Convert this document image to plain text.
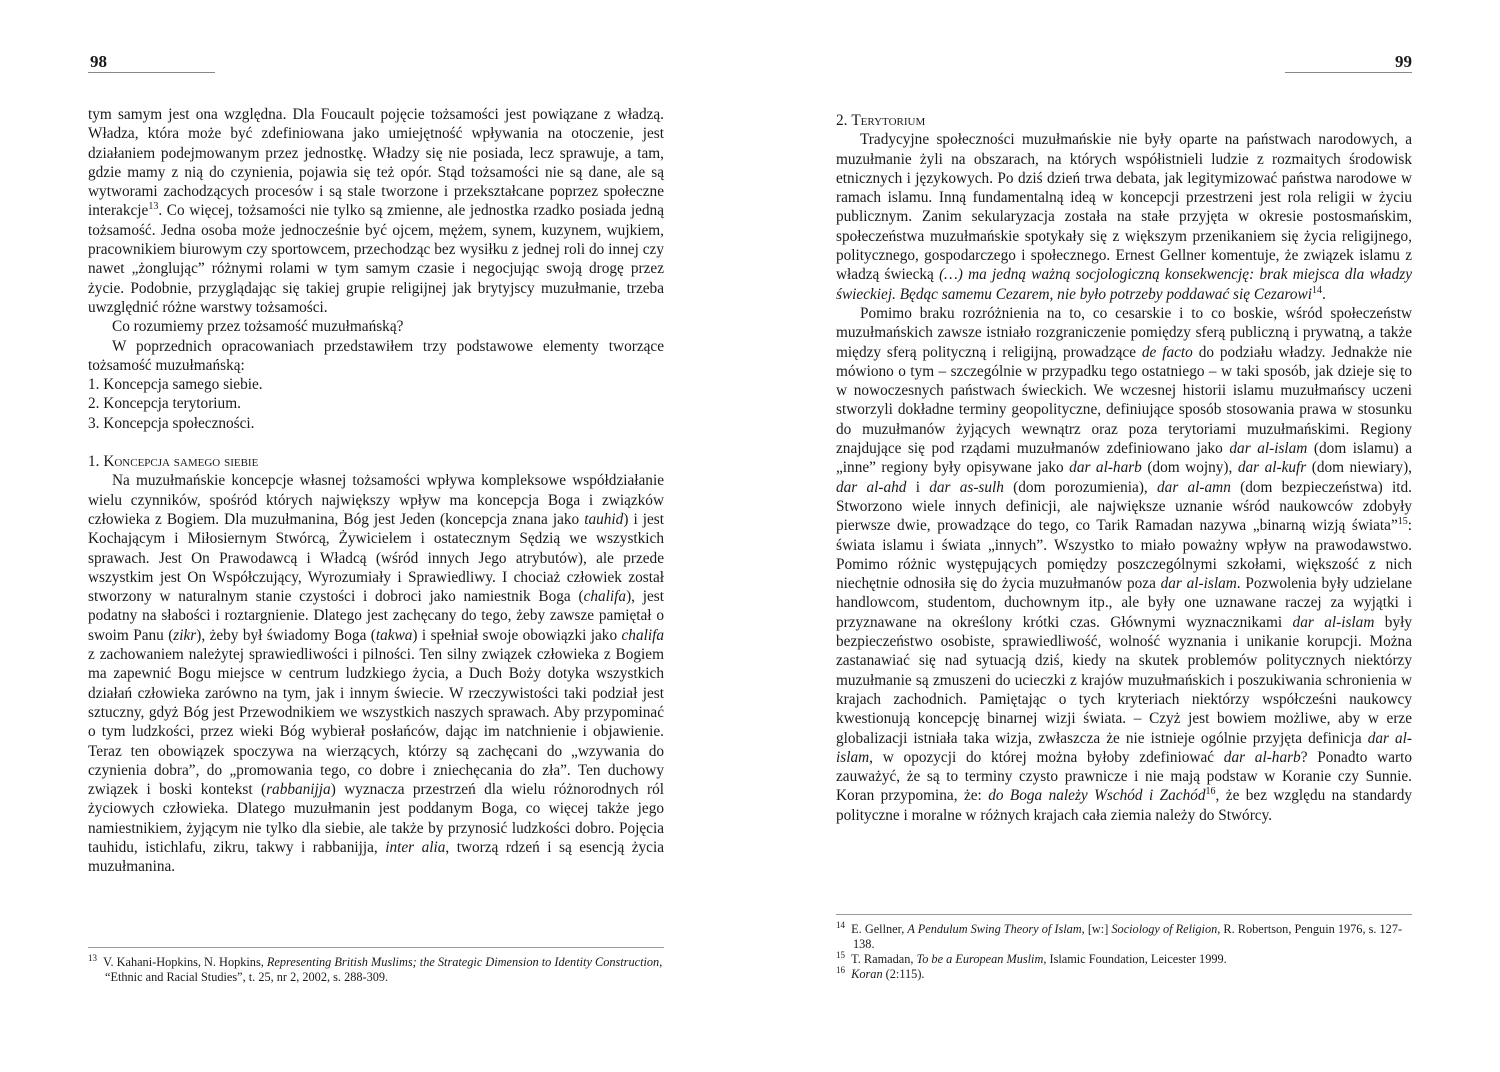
98

tym samym jest ona względna. Dla Foucault pojęcie tożsamości jest powiązane z władzą. Władza, która może być zdefiniowana jako umiejętność wpływania na otoczenie, jest działaniem podejmowanym przez jednostkę. Władzy się nie posiada, lecz sprawuje, a tam, gdzie mamy z nią do czynienia, pojawia się też opór. Stąd tożsamości nie są dane, ale są wytworami zachodzących procesów i są stale tworzone i przekształcane poprzez społeczne interakcje$^{13}$. Co więcej, tożsamości nie tylko są zmienne, ale jednostka rzadko posiada jedną tożsamość. Jedna osoba może jednocześnie być ojcem, mężem, synem, kuzynem, wujkiem, pracownikiem biurowym czy sportowcem, przechodząc bez wysiłku z jednej roli do innej czy nawet „żonglując” różnymi rolami w tym samym czasie i negocjując swoją drogę przez życie. Podobnie, przyglądając się takiej grupie religijnej jak brytyjscy muzułmanie, trzeba uwzględnić różne warstwy tożsamości.

Co rozumiemy przez tożsamość muzułmańską?

W poprzednich opracowaniach przedstawiłem trzy podstawowe elementy tworzące tożsamość muzułmańską:

1. Koncepcja samego siebie.

2. Koncepcja terytorium.

3. Koncepcja społeczności.

1. Koncepcja samego siebie

Na muzułmańskie koncepcje własnej tożsamości wpływa kompleksowe współdziałanie wielu czynników, spośród których największy wpływ ma koncepcja Boga i związków człowieka z Bogiem. Dla muzułmanina, Bóg jest Jeden (koncepcja znana jako tauhid) i jest Kochającym i Miłosiernym Stwórcą, Żywicielem i ostatecznym Sędzią we wszystkich sprawach. Jest On Prawodawcą i Władcą (wśród innych Jego atrybutów), ale przede wszystkim jest On Współczujący, Wyrozumiały i Sprawiedliwy. I chociaż człowiek został stworzony w naturalnym stanie czystości i dobroci jako namiestnik Boga (chalifa), jest podatny na słabości i roztargnienie. Dlatego jest zachęcany do tego, żeby zawsze pamiętał o swoim Panu (zikr), żeby był świadomy Boga (takwa) i spełniał swoje obowiązki jako chalifa z zachowaniem należytej sprawiedliwości i pilności. Ten silny związek człowieka z Bogiem ma zapewnić Bogu miejsce w centrum ludzkiego życia, a Duch Boży dotyka wszystkich działań człowieka zarówno na tym, jak i innym świecie. W rzeczywistości taki podział jest sztuczny, gdyż Bóg jest Przewodnikiem we wszystkich naszych sprawach. Aby przypominać o tym ludzkości, przez wieki Bóg wybierał posłańców, dając im natchnienie i objawienie. Teraz ten obowiązek spoczywa na wierzących, którzy są zachęcani do „wzywania do czynienia dobra”, do „promowania tego, co dobre i zniechęcania do zła”. Ten duchowy związek i boski kontekst (rabbanijja) wyznacza przestrzeń dla wielu różnorodnych ról życiowych człowieka. Dlatego muzułmanin jest poddanym Boga, co więcej także jego namiestnikiem, żyjącym nie tylko dla siebie, ale także by przynosić ludzkości dobro. Pojęcia tauhidu, istichlafu, zikru, takwy i rabbanijja, inter alia, tworzą rdzeń i są esencją życia muzułmanina.

$^{13}$ V. Kahani-Hopkins, N. Hopkins, Representing British Muslims; the Strategic Dimension to Identity Construction, “Ethnic and Racial Studies”, t. 25, nr 2, 2002, s. 288-309.

99

2. Terytorium

Tradycyjne społeczności muzułmańskie nie były oparte na państwach narodowych, a muzułmanie żyli na obszarach, na których współistnieli ludzie z rozmaitych środowisk etnicznych i językowych. Po dziś dzień trwa debata, jak legitymizować państwa narodowe w ramach islamu. Inną fundamentalną ideą w koncepcji przestrzeni jest rola religii w życiu publicznym. Zanim sekularyzacja została na stałe przyjęta w okresie postosmańskim, społeczeństwa muzułmańskie spotykały się z większym przenikaniem się życia religijnego, politycznego, gospodarczego i społecznego. Ernest Gellner komentuje, że związek islamu z władzą świecką (…) ma jedną ważną socjologiczną konsekwencję: brak miejsca dla władzy świeckiej. Będąc samemu Cezarem, nie było potrzeby poddawać się Cezarowi$^{14}$.

Pomimo braku rozróżnienia na to, co cesarskie i to co boskie, wśród społeczeństw muzułmańskich zawsze istniało rozgraniczenie pomiędzy sferą publiczną i prywatną, a także między sferą polityczną i religijną, prowadzące de facto do podziału władzy. Jednakże nie mówiono o tym – szczególnie w przypadku tego ostatniego – w taki sposób, jak dzieje się to w nowoczesnych państwach świeckich. We wczesnej historii islamu muzułmańscy uczeni stworzyli dokładne terminy geopolityczne, definiujące sposób stosowania prawa w stosunku do muzułmanów żyjących wewnątrz oraz poza terytoriami muzułmańskimi. Regiony znajdujące się pod rządami muzułmanów zdefiniowano jako dar al-islam (dom islamu) a „inne” regiony były opisywane jako dar al-harb (dom wojny), dar al-kufr (dom niewiary), dar al-ahd i dar as-sulh (dom porozumienia), dar al-amn (dom bezpieczeństwa) itd. Stworzono wiele innych definicji, ale największe uznanie wśród naukowców zdobyły pierwsze dwie, prowadzące do tego, co Tarik Ramadan nazywa „binarną wizją świata”$^{15}$: świata islamu i świata „innych”. Wszystko to miało poważny wpływ na prawodawstwo. Pomimo różnic występujących pomiędzy poszczególnymi szkołami, większość z nich niechętnie odnosiła się do życia muzułmanów poza dar al-islam. Pozwolenia były udzielane handlowcom, studentom, duchownym itp., ale były one uznawane raczej za wyjątki i przyznawane na określony krótki czas. Głównymi wyznacznikami dar al-islam były bezpieczeństwo osobiste, sprawiedliwość, wolność wyznania i unikanie korupcji. Można zastanawiać się nad sytuacją dziś, kiedy na skutek problemów politycznych niektórzy muzułmanie są zmuszeni do ucieczki z krajów muzułmańskich i poszukiwania schronienia w krajach zachodnich. Pamiętając o tych kryteriach niektórzy współcześni naukowcy kwestionują koncepcję binarnej wizji świata. – Czyż jest bowiem możliwe, aby w erze globalizacji istniała taka wizja, zwłaszcza że nie istnieje ogólnie przyjęta definicja dar al-islam, w opozycji do której można byłoby zdefiniować dar al-harb? Ponadto warto zauważyć, że są to terminy czysto prawnicze i nie mają podstaw w Koranie czy Sunnie. Koran przypomina, że: do Boga należy Wschód i Zachód$^{16}$, że bez względu na standardy polityczne i moralne w różnych krajach cała ziemia należy do Stwórcy.

$^{14}$ E. Gellner, A Pendulum Swing Theory of Islam, [w:] Sociology of Religion, R. Robertson, Penguin 1976, s. 127-138.

$^{15}$ T. Ramadan, To be a European Muslim, Islamic Foundation, Leicester 1999.

$^{16}$ Koran (2:115).
